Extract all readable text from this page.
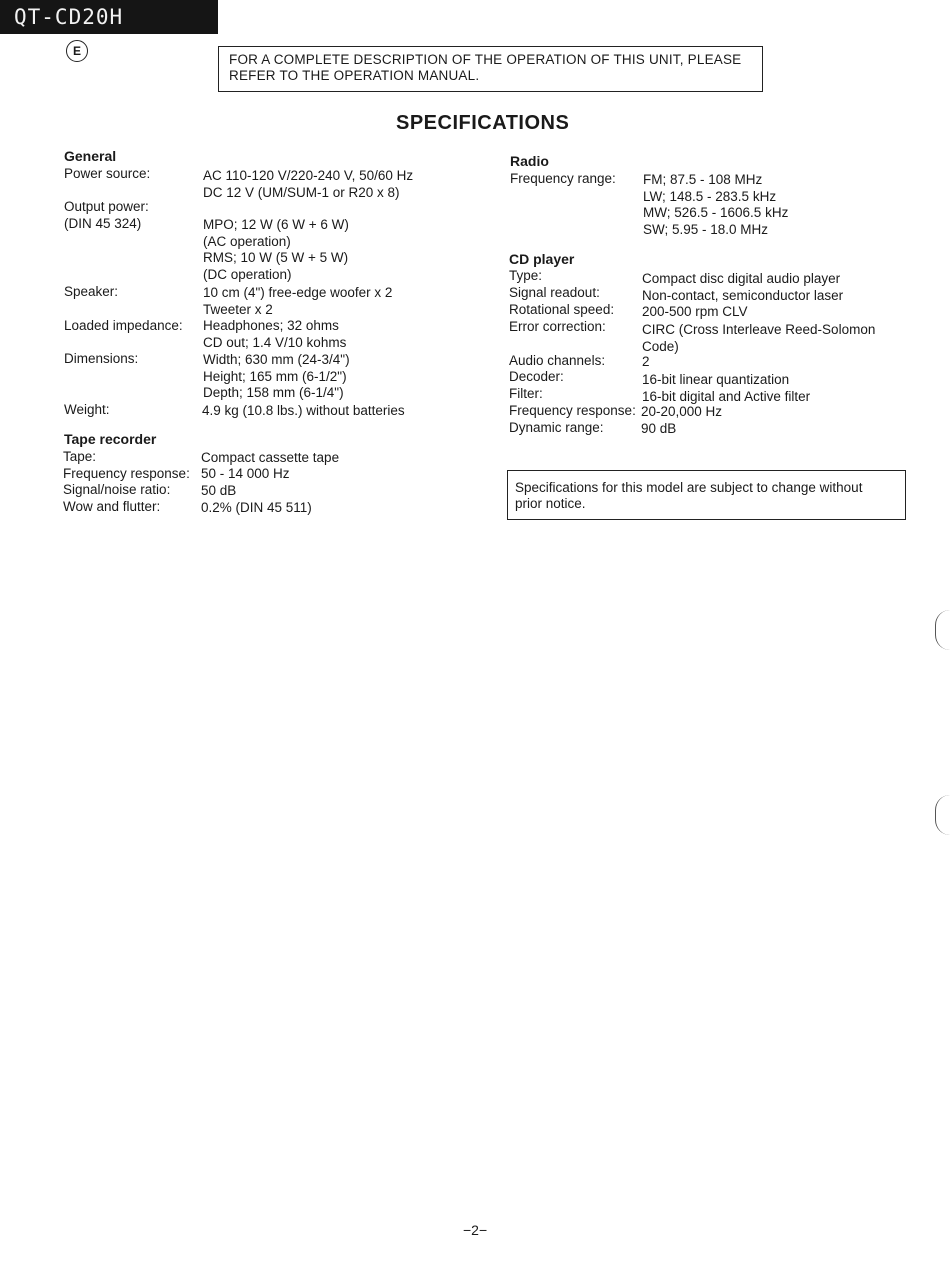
QT-CD20H
E
FOR A COMPLETE DESCRIPTION OF THE OPERATION OF THIS UNIT, PLEASE
REFER TO THE OPERATION MANUAL.
SPECIFICATIONS
General
Power source:	AC 110-120 V/220-240 V, 50/60 Hz
DC 12 V (UM/SUM-1 or R20 x 8)
Output power:
(DIN 45 324)	MPO; 12 W (6 W + 6 W)
(AC operation)
RMS; 10 W (5 W + 5 W)
(DC operation)
Speaker:	10 cm (4") free-edge woofer x 2
Tweeter x 2
Loaded impedance: Headphones; 32 ohms
CD out; 1.4 V/10 kohms
Dimensions:	Width; 630 mm (24-3/4")
Height; 165 mm (6-1/2")
Depth; 158 mm (6-1/4")
Weight:	4.9 kg (10.8 lbs.) without batteries
Tape recorder
Tape:	Compact cassette tape
Frequency response: 50 - 14 000 Hz
Signal/noise ratio: 50 dB
Wow and flutter:	0.2% (DIN 45 511)
Radio
Frequency range: FM; 87.5 - 108 MHz
LW; 148.5 - 283.5 kHz
MW; 526.5 - 1606.5 kHz
SW; 5.95 - 18.0 MHz
CD player
Type:	Compact disc digital audio player
Signal readout:	Non-contact, semiconductor laser
Rotational speed: 200-500 rpm CLV
Error correction:	CIRC (Cross Interleave Reed-Solomon
Code)
Audio channels:	2
Decoder:	16-bit linear quantization
Filter:	16-bit digital and Active filter
Frequency response: 20-20,000 Hz
Dynamic range:	90 dB
Specifications for this model are subject to change without
prior notice.
−2−
